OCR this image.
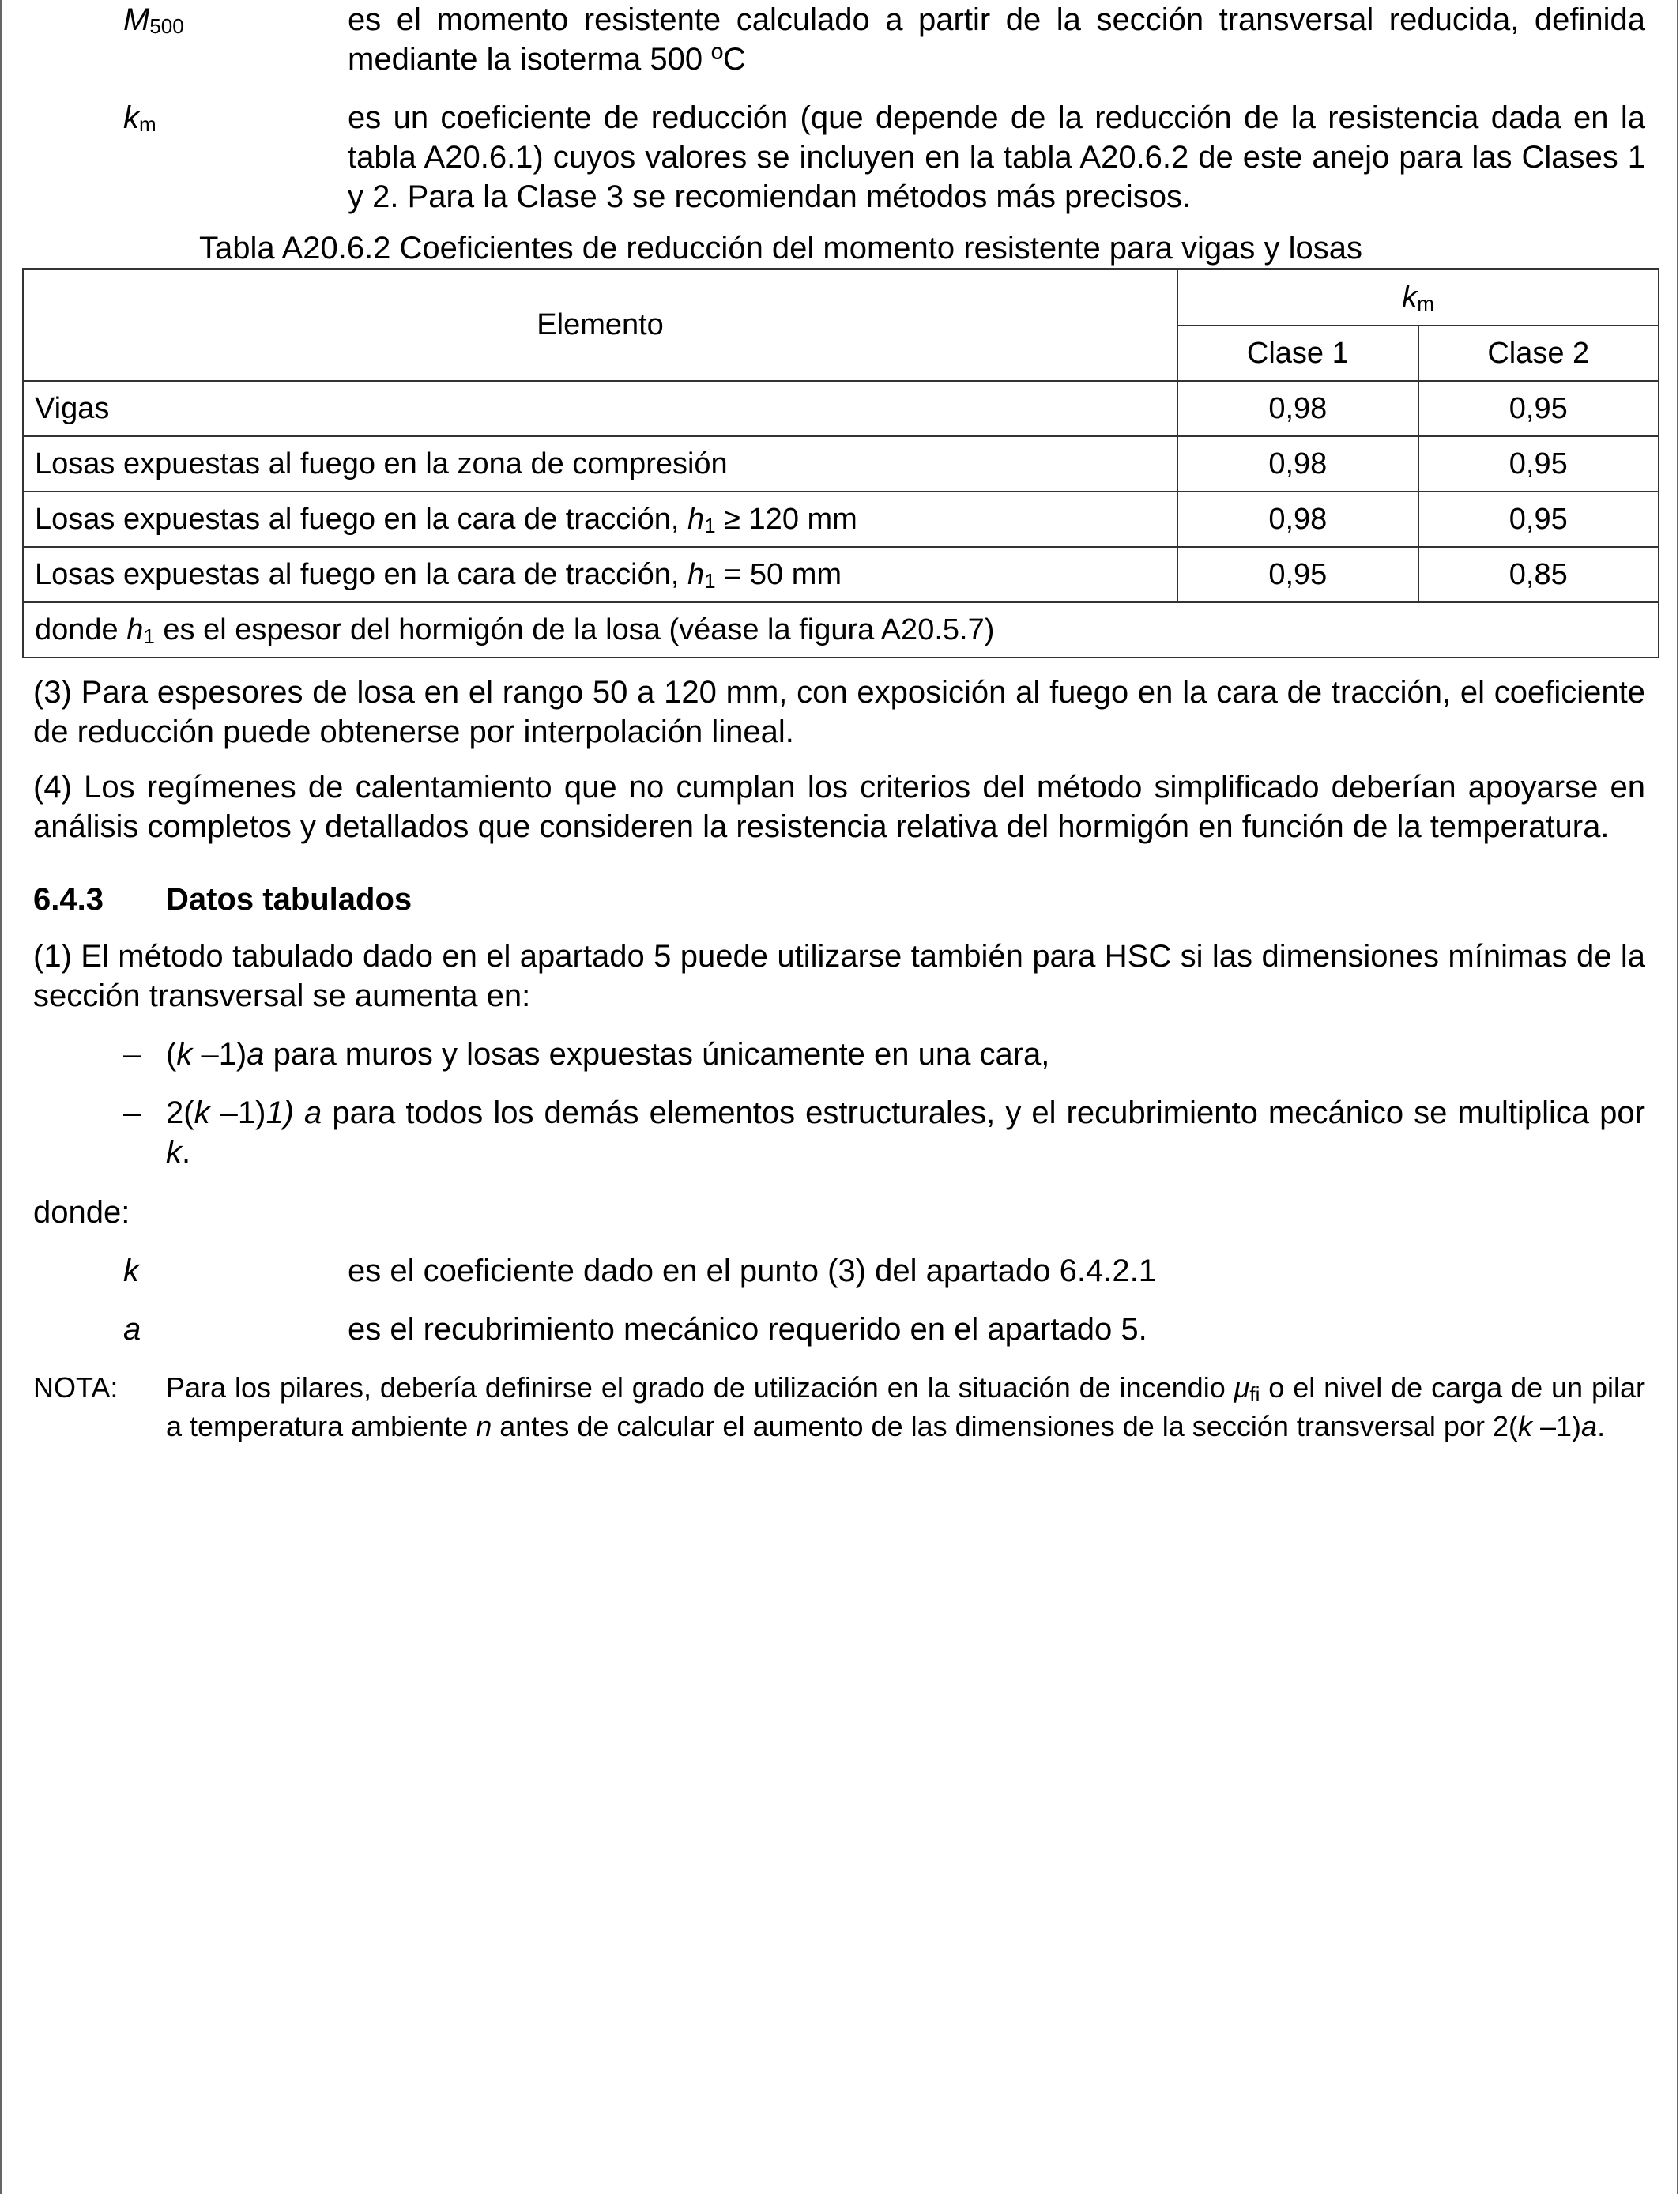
$M_{500}$	es el momento resistente calculado a partir de la sección transversal reducida, definida mediante la isoterma 500 ºC
$k_m$	es un coeficiente de reducción (que depende de la reducción de la resistencia dada en la tabla A20.6.1) cuyos valores se incluyen en la tabla A20.6.2 de este anejo para las Clases 1 y 2. Para la Clase 3 se recomiendan métodos más precisos.
Tabla A20.6.2 Coeficientes de reducción del momento resistente para vigas y losas
Elemento	$k_m$
	Clase 1	Clase 2
Vigas	0,98	0,95
Losas expuestas al fuego en la zona de compresión	0,98	0,95
Losas expuestas al fuego en la cara de tracción, $h_1 \ge 120$ mm	0,98	0,95
Losas expuestas al fuego en la cara de tracción, $h_1 = 50$ mm	0,95	0,85
donde $h_1$ es el espesor del hormigón de la losa (véase la figura A20.5.7)		
(3) Para espesores de losa en el rango 50 a 120 mm, con exposición al fuego en la cara de tracción, el coeficiente de reducción puede obtenerse por interpolación lineal.
(4) Los regímenes de calentamiento que no cumplan los criterios del método simplificado deberían apoyarse en análisis completos y detallados que consideren la resistencia relativa del hormigón en función de la temperatura.
6.4.3	Datos tabulados
(1) El método tabulado dado en el apartado 5 puede utilizarse también para HSC si las dimensiones mínimas de la sección transversal se aumenta en:
– (k –1)a para muros y losas expuestas únicamente en una cara,
– 2(k –1)1) a para todos los demás elementos estructurales, y el recubrimiento mecánico se multiplica por k.
donde:
k	es el coeficiente dado en el punto (3) del apartado 6.4.2.1
a	es el recubrimiento mecánico requerido en el apartado 5.
NOTA:	Para los pilares, debería definirse el grado de utilización en la situación de incendio $\mu_{fi}$ o el nivel de carga de un pilar a temperatura ambiente n antes de calcular el aumento de las dimensiones de la sección transversal por 2(k –1)a.
